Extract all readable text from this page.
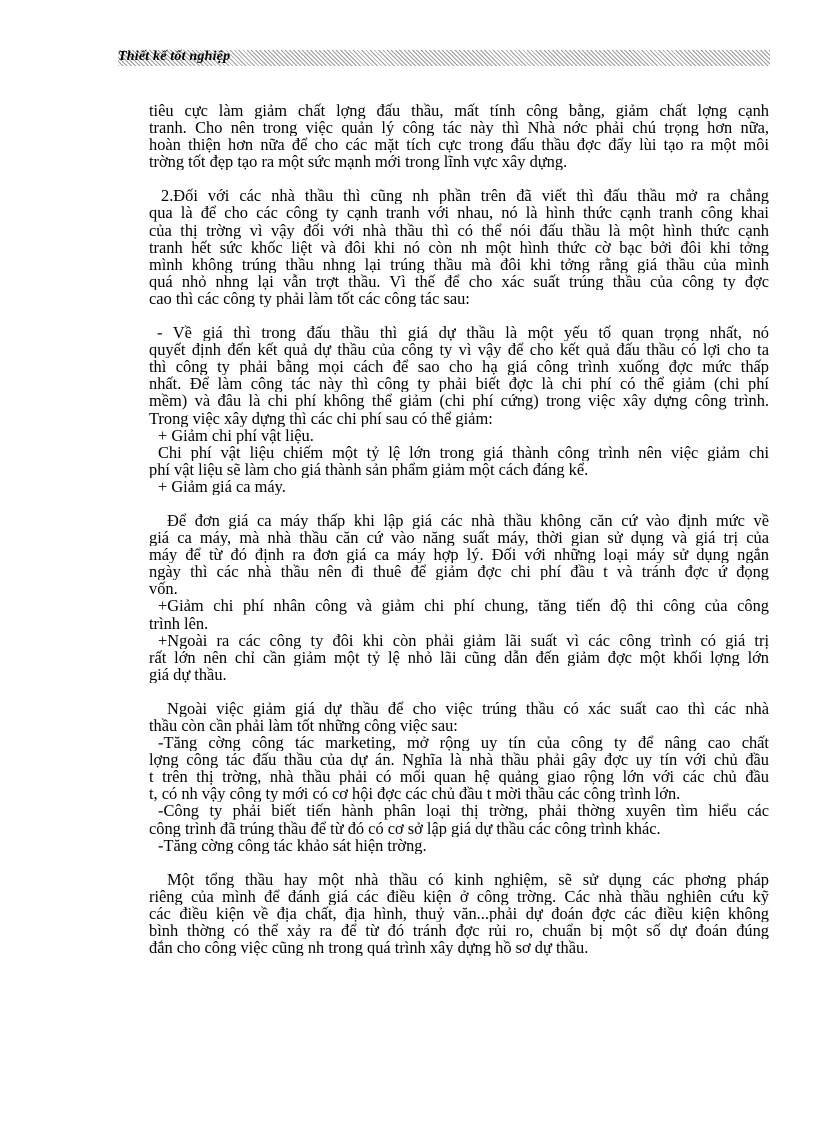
Thiết kế tốt nghiệp
tiêu cực làm giảm chất lợng đấu thầu, mất tính công bằng, giảm chất lợng cạnh
tranh. Cho nên trong việc quản lý công tác này thì Nhà nớc phải chú trọng hơn nữa,
hoàn thiện hơn nữa để cho các mặt tích cực trong đấu thầu đợc đẩy lùi tạo ra một môi
trờng tốt đẹp tạo ra một sức mạnh mới trong lĩnh vực xây dựng.
2.Đối với các nhà thầu thì cũng nh phần trên đã viết thì đấu thầu mở ra chẳng
qua là để cho các công ty cạnh tranh với nhau, nó là hình thức cạnh tranh công khai
của thị trờng vì vậy đối với nhà thầu thì có thể nói đấu thầu là một hình thức cạnh
tranh hết sức khốc liệt và đôi khi nó còn nh một hình thức cờ bạc bởi đôi khi tởng
mình không trúng thầu nhng lại trúng thầu mà đôi khi tởng rằng giá thầu của mình
quá nhỏ nhng lại vẫn trợt thầu. Vì thế để cho xác suất trúng thầu của công ty đợc
cao thì các công ty phải làm tốt các công tác sau:
- Về giá thì trong đấu thầu thì giá dự thầu là một yếu tố quan trọng nhất, nó
quyết định đến kết quả dự thầu của công ty vì vậy để cho kết quả đấu thầu có lợi cho ta
thì công ty phải bằng mọi cách để sao cho hạ giá công trình xuống đợc mức thấp
nhất. Để làm công tác này thì công ty phải biết đợc là chi phí có thể giảm (chi phí
mềm) và đâu là chi phí không thể giảm (chi phí cứng) trong việc xây dựng công trình.
Trong việc xây dựng thì các chi phí sau có thể giảm:
+ Giảm chi phí vật liệu.
Chi phí vật liệu chiếm một tỷ lệ lớn trong giá thành công trình nên việc giảm chi
phí vật liệu sẽ làm cho giá thành sản phẩm giảm một cách đáng kể.
+ Giảm giá ca máy.
Để đơn giá ca máy thấp khi lập giá các nhà thầu không căn cứ vào định mức về
giá ca máy, mà nhà thầu căn cứ vào năng suất máy, thời gian sử dụng và giá trị của
máy để từ đó định ra đơn giá ca máy hợp lý. Đối với những loại máy sử dụng ngắn
ngày thì các nhà thầu nên đi thuê để giảm đợc chi phí đầu t và tránh đợc ứ đọng
vốn.
+Giảm chi phí nhân công và giảm chi phí chung, tăng tiến độ thi công của công
trình lên.
+Ngoài ra các công ty đôi khi còn phải giảm lãi suất vì các công trình có giá trị
rất lớn nên chỉ cần giảm một tỷ lệ nhỏ lãi cũng dẫn đến giảm đợc một khối lợng lớn
giá dự thầu.
Ngoài việc giảm giá dự thầu để cho việc trúng thầu có xác suất cao thì các nhà
thầu còn cần phải làm tốt những công việc sau:
-Tăng cờng công tác marketing, mở rộng uy tín của công ty để nâng cao chất
lợng công tác đấu thầu của dự án. Nghĩa là nhà thầu phải gây đợc uy tín với chủ đầu
t trên thị trờng, nhà thầu phải có mối quan hệ quảng giao rộng lớn với các chủ đầu
t, có nh vậy công ty mới có cơ hội đợc các chủ đầu t mời thầu các công trình lớn.
-Công ty phải biết tiến hành phân loại thị trờng, phải thờng xuyên tìm hiểu các
công trình đã trúng thầu để từ đó có cơ sở lập giá dự thầu các công trình khác.
-Tăng cờng công tác khảo sát hiện trờng.
Một tổng thầu hay một nhà thầu có kinh nghiệm, sẽ sử dụng các phơng pháp
riêng của mình để đánh giá các điều kiện ở công trờng. Các nhà thầu nghiên cứu kỹ
các điều kiện về địa chất, địa hình, thuỷ văn...phải dự đoán đợc các điều kiện không
bình thờng có thể xảy ra để từ đó tránh đợc rủi ro, chuẩn bị một số dự đoán đúng
đắn cho công việc cũng nh trong quá trình xây dựng hồ sơ dự thầu.
